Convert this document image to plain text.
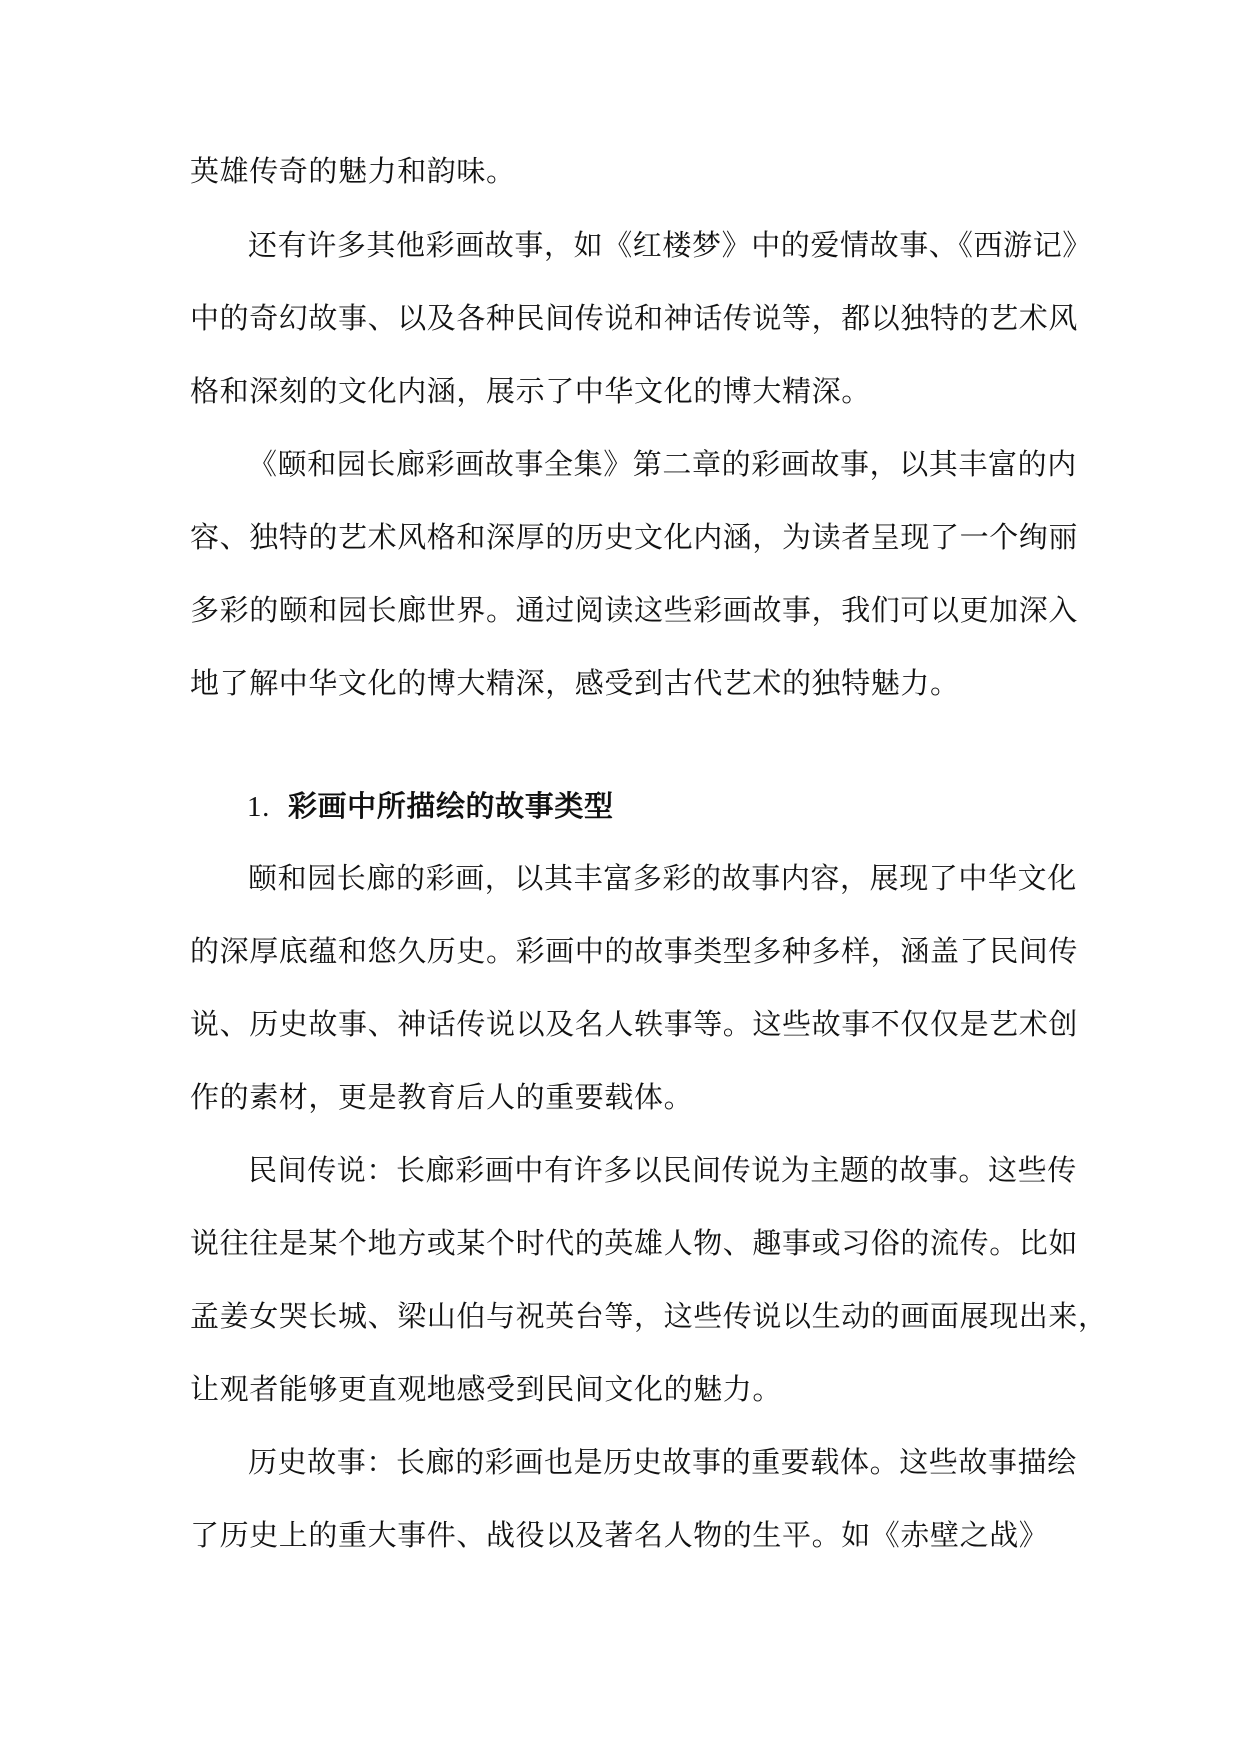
英雄传奇的魅力和韵味。
还有许多其他彩画故事，如《红楼梦》中的爱情故事、《西游记》
中的奇幻故事、以及各种民间传说和神话传说等，都以独特的艺术风
格和深刻的文化内涵，展示了中华文化的博大精深。
《颐和园长廊彩画故事全集》第二章的彩画故事，以其丰富的内
容、独特的艺术风格和深厚的历史文化内涵，为读者呈现了一个绚丽
多彩的颐和园长廊世界。通过阅读这些彩画故事，我们可以更加深入
地了解中华文化的博大精深，感受到古代艺术的独特魅力。
1. 彩画中所描绘的故事类型
颐和园长廊的彩画，以其丰富多彩的故事内容，展现了中华文化
的深厚底蕴和悠久历史。彩画中的故事类型多种多样，涵盖了民间传
说、历史故事、神话传说以及名人轶事等。这些故事不仅仅是艺术创
作的素材，更是教育后人的重要载体。
民间传说：长廊彩画中有许多以民间传说为主题的故事。这些传
说往往是某个地方或某个时代的英雄人物、趣事或习俗的流传。比如
孟姜女哭长城、梁山伯与祝英台等，这些传说以生动的画面展现出来，
让观者能够更直观地感受到民间文化的魅力。
历史故事：长廊的彩画也是历史故事的重要载体。这些故事描绘
了历史上的重大事件、战役以及著名人物的生平。如《赤壁之战》
